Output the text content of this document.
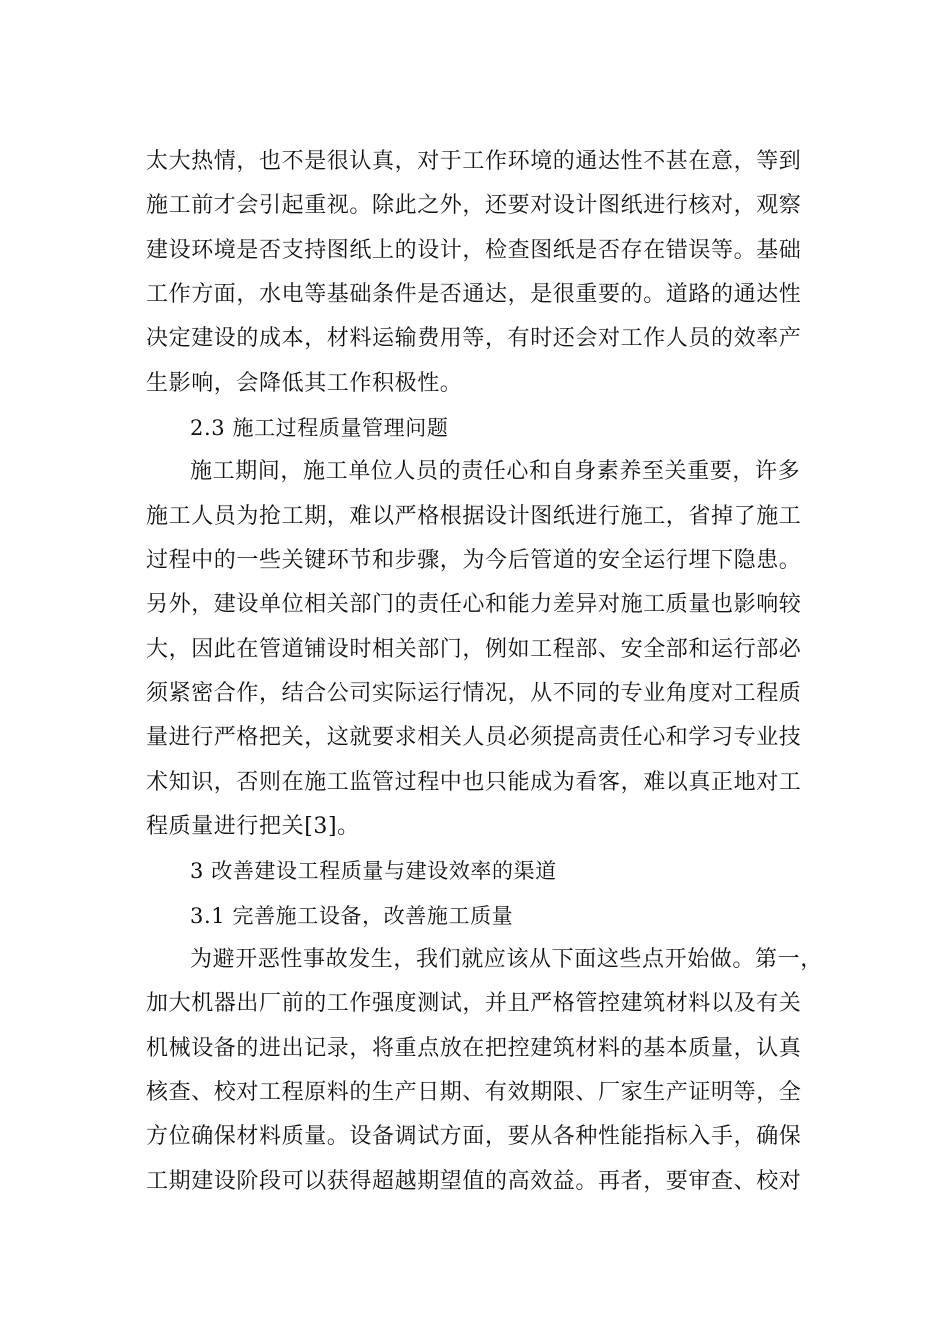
太大热情，也不是很认真，对于工作环境的通达性不甚在意，等到
施工前才会引起重视。除此之外，还要对设计图纸进行核对，观察
建设环境是否支持图纸上的设计，检查图纸是否存在错误等。基础
工作方面，水电等基础条件是否通达，是很重要的。道路的通达性
决定建设的成本，材料运输费用等，有时还会对工作人员的效率产
生影响，会降低其工作积极性。
2.3 施工过程质量管理问题
施工期间，施工单位人员的责任心和自身素养至关重要，许多
施工人员为抢工期，难以严格根据设计图纸进行施工，省掉了施工
过程中的一些关键环节和步骤，为今后管道的安全运行埋下隐患。
另外，建设单位相关部门的责任心和能力差异对施工质量也影响较
大，因此在管道铺设时相关部门，例如工程部、安全部和运行部必
须紧密合作，结合公司实际运行情况，从不同的专业角度对工程质
量进行严格把关，这就要求相关人员必须提高责任心和学习专业技
术知识，否则在施工监管过程中也只能成为看客，难以真正地对工
程质量进行把关[3]。
3 改善建设工程质量与建设效率的渠道
3.1 完善施工设备，改善施工质量
为避开恶性事故发生，我们就应该从下面这些点开始做。第一，
加大机器出厂前的工作强度测试，并且严格管控建筑材料以及有关
机械设备的进出记录，将重点放在把控建筑材料的基本质量，认真
核查、校对工程原料的生产日期、有效期限、厂家生产证明等，全
方位确保材料质量。设备调试方面，要从各种性能指标入手，确保
工期建设阶段可以获得超越期望值的高效益。再者，要审查、校对
